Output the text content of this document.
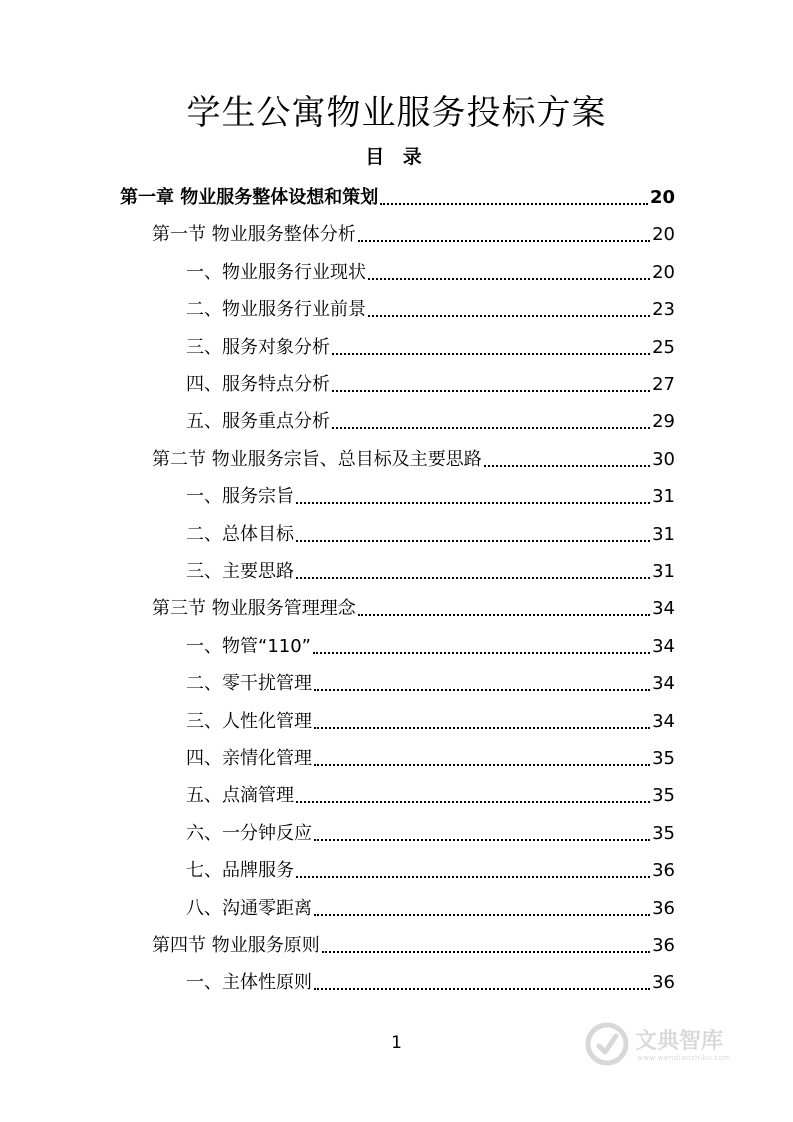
学生公寓物业服务投标方案
目 录
第一章 物业服务整体设想和策划	20
第一节 物业服务整体分析	20
一、物业服务行业现状	20
二、物业服务行业前景	23
三、服务对象分析	25
四、服务特点分析	27
五、服务重点分析	29
第二节 物业服务宗旨、总目标及主要思路	30
一、服务宗旨	31
二、总体目标	31
三、主要思路	31
第三节 物业服务管理理念	34
一、物管“110”	34
二、零干扰管理	34
三、人性化管理	34
四、亲情化管理	35
五、点滴管理	35
六、一分钟反应	35
七、品牌服务	36
八、沟通零距离	36
第四节 物业服务原则	36
一、主体性原则	36
1	文典智库
www.wendianzhiku.com
